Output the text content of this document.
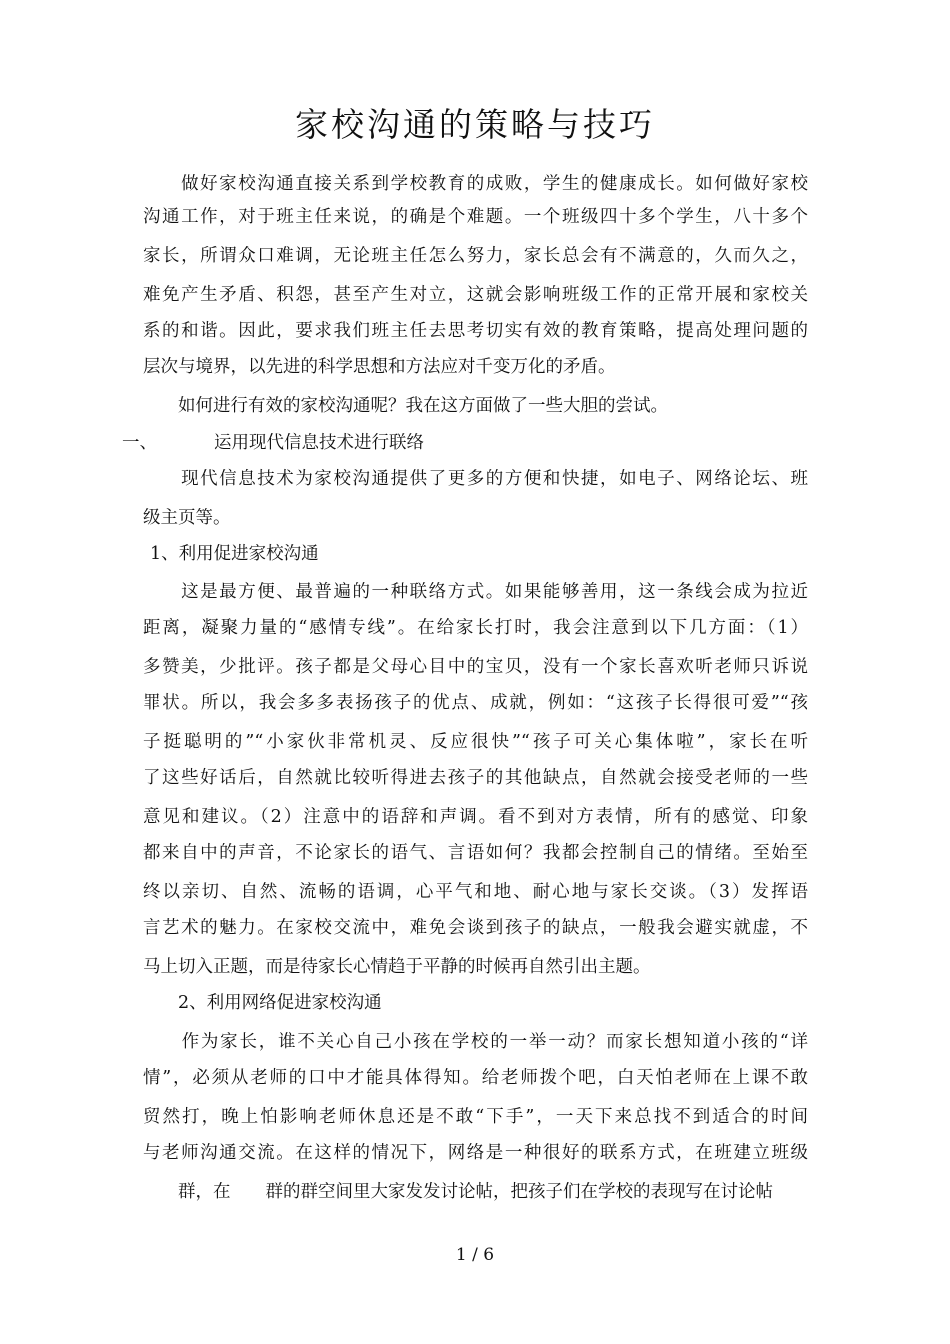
家校沟通的策略与技巧
　　做好家校沟通直接关系到学校教育的成败，学生的健康成长。如何做好家校
沟通工作，对于班主任来说，的确是个难题。一个班级四十多个学生，八十多个
家长，所谓众口难调，无论班主任怎么努力，家长总会有不满意的，久而久之，
难免产生矛盾、积怨，甚至产生对立，这就会影响班级工作的正常开展和家校关
系的和谐。因此，要求我们班主任去思考切实有效的教育策略，提高处理问题的
层次与境界，以先进的科学思想和方法应对千变万化的矛盾。
　　如何进行有效的家校沟通呢？我在这方面做了一些大胆的尝试。
一、	运用现代信息技术进行联络
　　现代信息技术为家校沟通提供了更多的方便和快捷，如电子、网络论坛、班
级主页等。
1、利用促进家校沟通
　　这是最方便、最普遍的一种联络方式。如果能够善用，这一条线会成为拉近
距离，凝聚力量的“感情专线”。在给家长打时，我会注意到以下几方面：（1）
多赞美，少批评。孩子都是父母心目中的宝贝，没有一个家长喜欢听老师只诉说
罪状。所以，我会多多表扬孩子的优点、成就，例如：“这孩子长得很可爱”“孩
子挺聪明的”“小家伙非常机灵、反应很快”“孩子可关心集体啦”，家长在听
了这些好话后，自然就比较听得进去孩子的其他缺点，自然就会接受老师的一些
意见和建议。（2）注意中的语辞和声调。看不到对方表情，所有的感觉、印象
都来自中的声音，不论家长的语气、言语如何？我都会控制自己的情绪。至始至
终以亲切、自然、流畅的语调，心平气和地、耐心地与家长交谈。（3）发挥语
言艺术的魅力。在家校交流中，难免会谈到孩子的缺点，一般我会避实就虚，不
马上切入正题，而是待家长心情趋于平静的时候再自然引出主题。
　　2、利用网络促进家校沟通
　　作为家长，谁不关心自己小孩在学校的一举一动？而家长想知道小孩的“详
情”，必须从老师的口中才能具体得知。给老师拨个吧，白天怕老师在上课不敢
贸然打，晚上怕影响老师休息还是不敢“下手”，一天下来总找不到适合的时间
与老师沟通交流。在这样的情况下，网络是一种很好的联系方式，在班建立班级
　　群，在　　群的群空间里大家发发讨论帖，把孩子们在学校的表现写在讨论帖
1 / 6
